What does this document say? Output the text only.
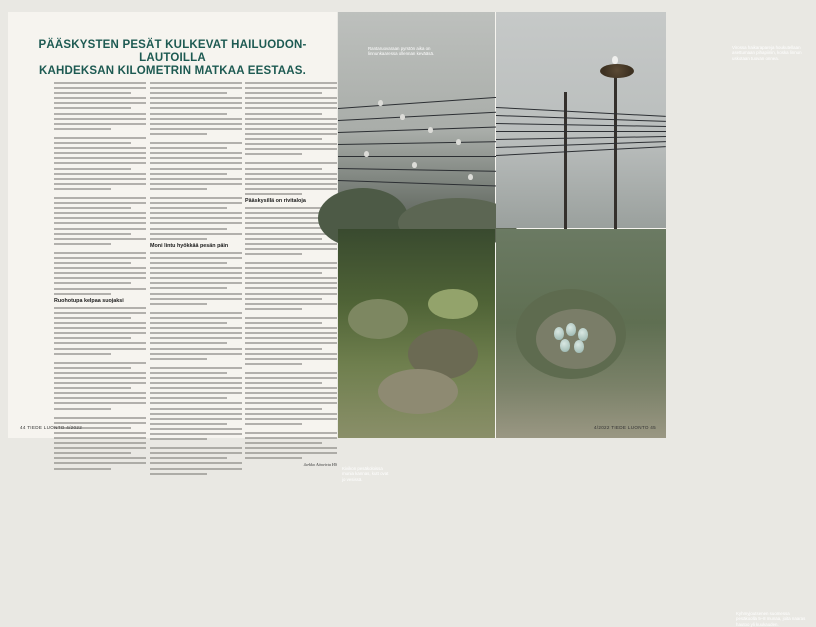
PÄÄSKYSTEN PESÄT KULKEVAT HAILUODON-LAUTOILLA
KAHDEKSAN KILOMETRIN MATKAA EESTAAS.
Ruohotupa kelpaa suojaksi
Moni lintu hyökkää pesän päin
Pääskysillä on rivitaloja
Jarkko Aitovirta HS
44 TIEDE LUONTO 4/2022
Rantaruovaraan pyrstön aika on linnunkaaressa ollennan kevääsä.
Virossa haikarapareja houkutellaan asettumaan pihapiiriin, koska linnun uskotaan tuovan onnea.
Kivikon pesäkoloissa munia kannas, kutt ovat jo vesissä.
Kyhmyjoutsenen suomessa pesäkoolla 5–8 munaa, joita naaras hautoo yli kuukauden.
4/2022 TIEDE LUONTO 45
